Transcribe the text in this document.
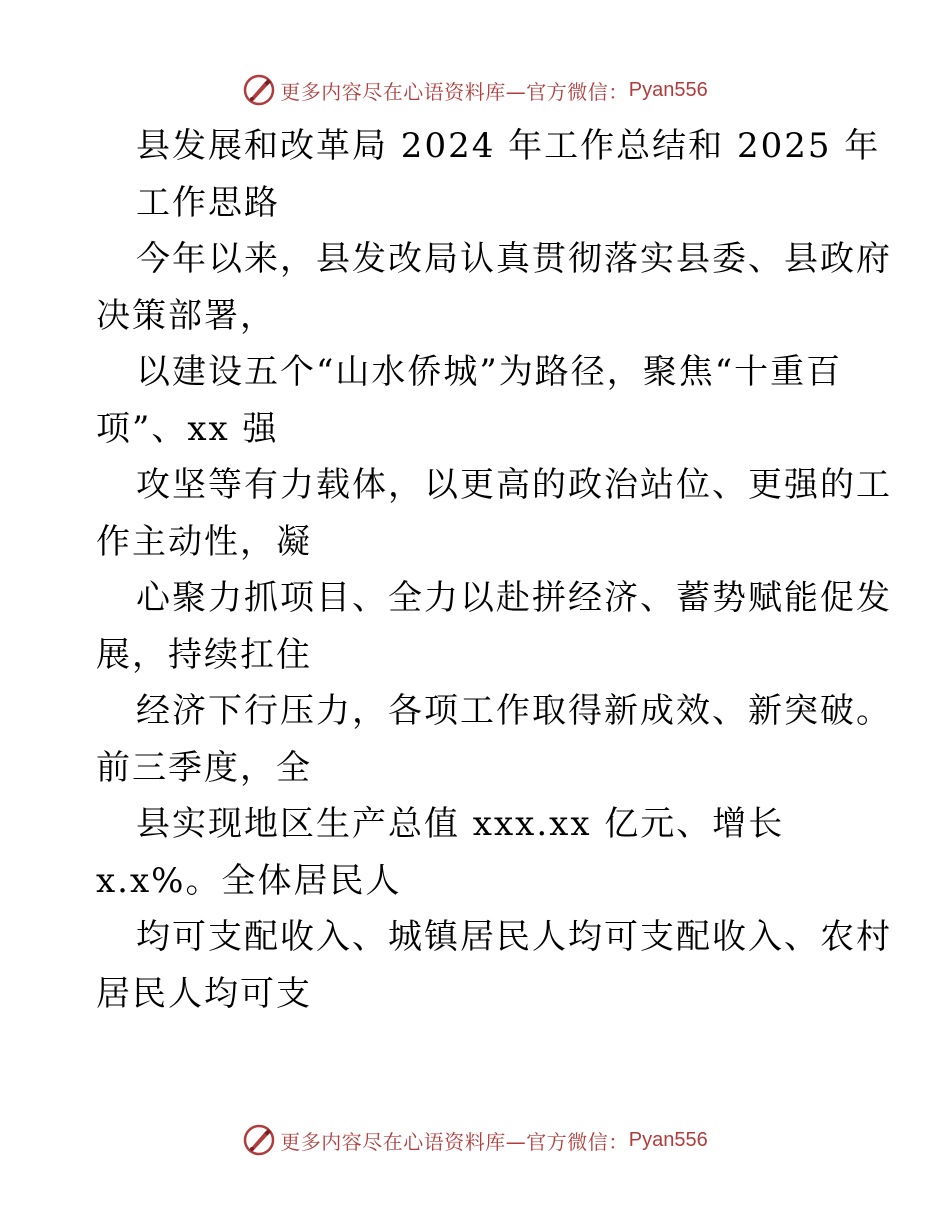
更多内容尽在心语资料库—官方微信： Pyan556
县发展和改革局 2024 年工作总结和 2025 年
工作思路
今年以来，县发改局认真贯彻落实县委、县政府
决策部署，
以建设五个“山水侨城”为路径，聚焦“十重百
项”、xx 强
攻坚等有力载体，以更高的政治站位、更强的工
作主动性，凝
心聚力抓项目、全力以赴拼经济、蓄势赋能促发
展，持续扛住
经济下行压力，各项工作取得新成效、新突破。
前三季度，全
县实现地区生产总值 xxx.xx 亿元、增长
x.x%。全体居民人
均可支配收入、城镇居民人均可支配收入、农村
居民人均可支
更多内容尽在心语资料库—官方微信： Pyan556
